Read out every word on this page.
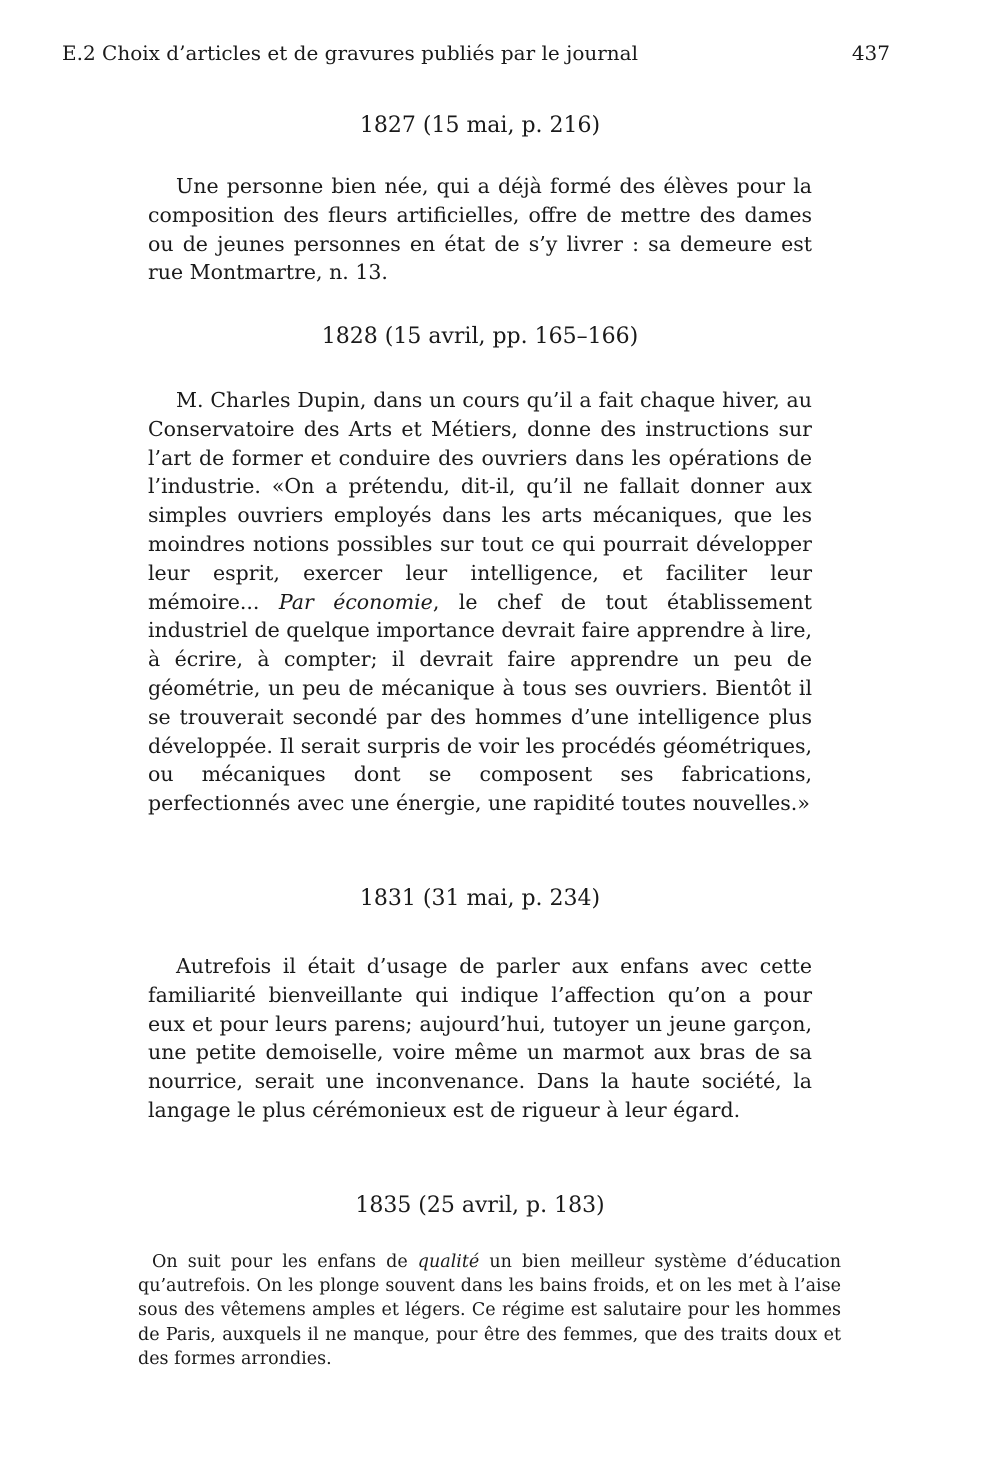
E.2 Choix d’articles et de gravures publiés par le journal	437
1827 (15 mai, p. 216)

Une personne bien née, qui a déjà formé des élèves pour la composition des fleurs artificielles, offre de mettre des dames ou de jeunes personnes en état de s’y livrer : sa demeure est rue Montmartre, n. 13.

1828 (15 avril, pp. 165–166)

M. Charles Dupin, dans un cours qu’il a fait chaque hiver, au Conservatoire des Arts et Métiers, donne des instructions sur l’art de former et conduire des ouvriers dans les opérations de l’industrie. «On a prétendu, dit-il, qu’il ne fallait donner aux simples ouvriers employés dans les arts mécaniques, que les moindres notions possibles sur tout ce qui pourrait développer leur esprit, exercer leur intelligence, et faciliter leur mémoire... Par économie, le chef de tout établissement industriel de quelque importance devrait faire apprendre à lire, à écrire, à compter; il devrait faire apprendre un peu de géométrie, un peu de mécanique à tous ses ouvriers. Bientôt il se trouverait secondé par des hommes d’une intelligence plus développée. Il serait surpris de voir les procédés géométriques, ou mécaniques dont se composent ses fabrications, perfectionnés avec une énergie, une rapidité toutes nouvelles.»

1831 (31 mai, p. 234)

Autrefois il était d’usage de parler aux enfans avec cette familiarité bienveillante qui indique l’affection qu’on a pour eux et pour leurs parens; aujourd’hui, tutoyer un jeune garçon, une petite demoiselle, voire même un marmot aux bras de sa nourrice, serait une inconvenance. Dans la haute société, la langage le plus cérémonieux est de rigueur à leur égard.

1835 (25 avril, p. 183)

On suit pour les enfans de qualité un bien meilleur système d’éducation qu’autrefois. On les plonge souvent dans les bains froids, et on les met à l’aise sous des vêtemens amples et légers. Ce régime est salutaire pour les hommes de Paris, auxquels il ne manque, pour être des femmes, que des traits doux et des formes arrondies.
